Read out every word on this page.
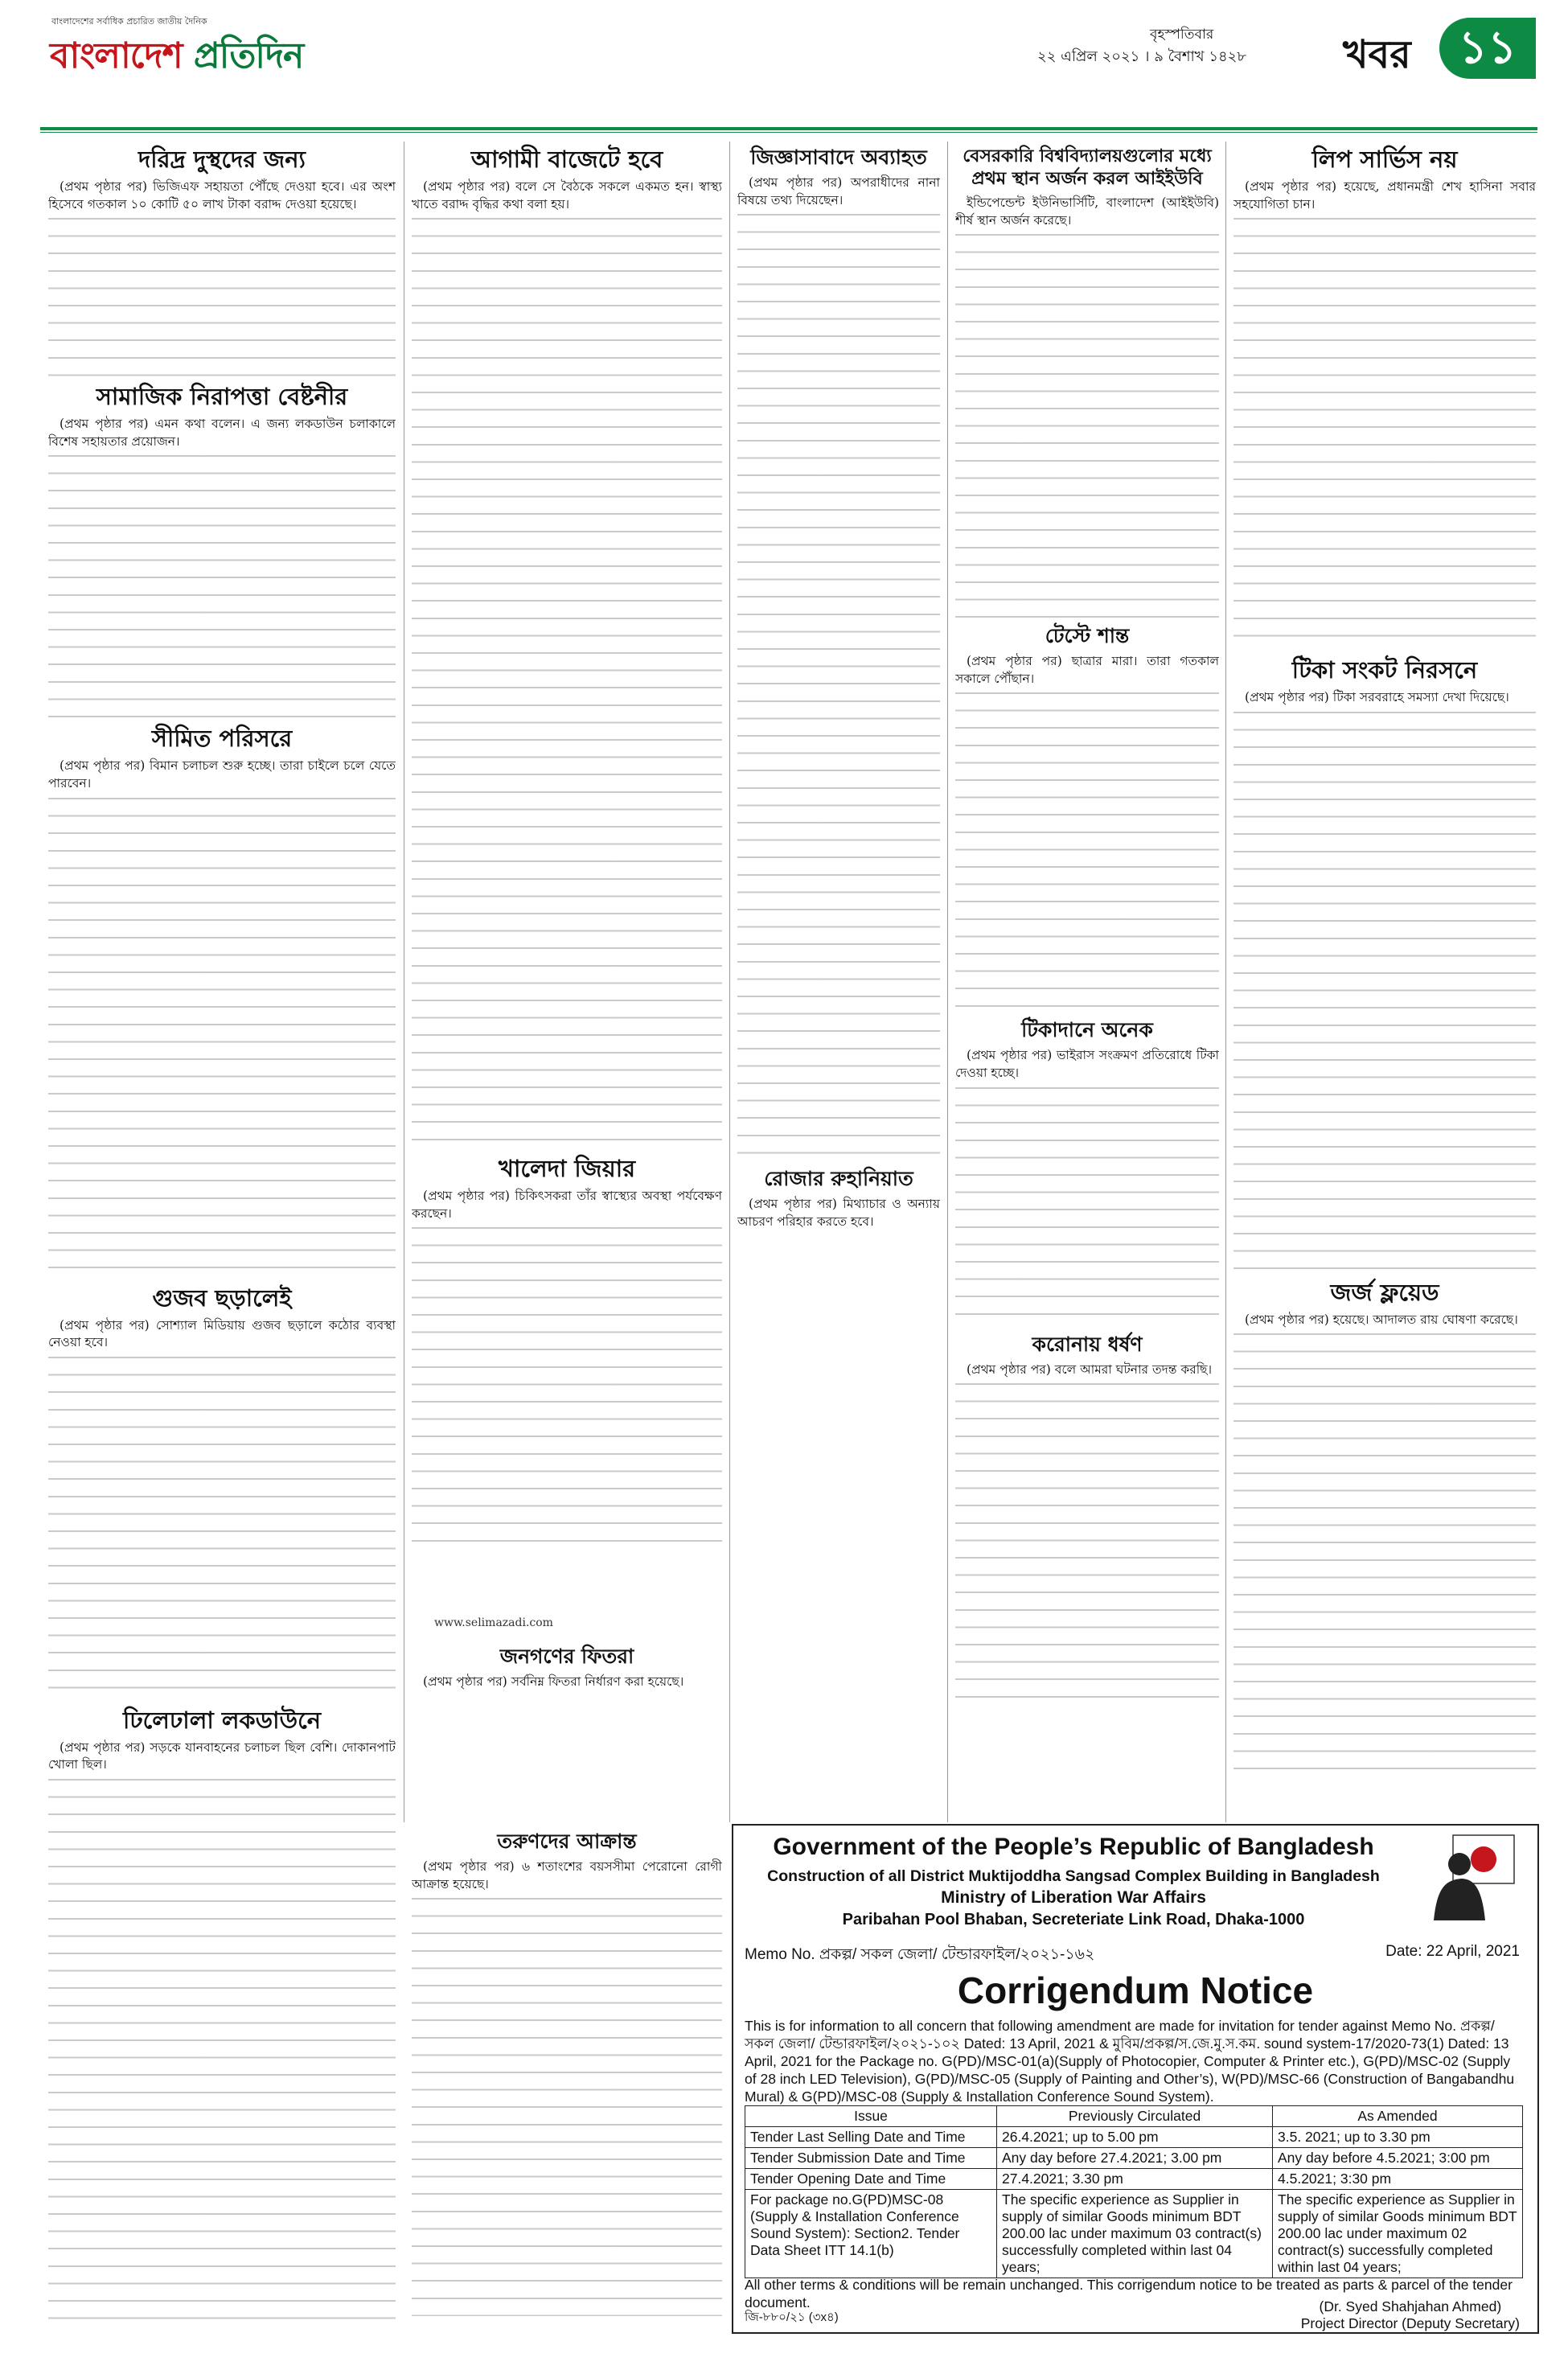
বাংলাদেশের সর্বাধিক প্রচারিত জাতীয় দৈনিক
বাংলাদেশ প্রতিদিন
বৃহস্পতিবার
২২ এপ্রিল ২০২১ । ৯ বৈশাখ ১৪২৮ খবর	১১
দরিদ্র দুস্থদের জন্য

(প্রথম পৃষ্ঠার পর) ভিজিএফ সহায়তা পৌঁছে দেওয়া হবে। এর অংশ হিসেবে গতকাল ১০ কোটি ৫০ লাখ টাকা বরাদ্দ দেওয়া হয়েছে।

সামাজিক নিরাপত্তা বেষ্টনীর

(প্রথম পৃষ্ঠার পর) এমন কথা বলেন। এ জন্য লকডাউন চলাকালে বিশেষ সহায়তার প্রয়োজন।

সীমিত পরিসরে

(প্রথম পৃষ্ঠার পর) বিমান চলাচল শুরু হচ্ছে। তারা চাইলে চলে যেতে পারবেন।

গুজব ছড়ালেই

(প্রথম পৃষ্ঠার পর) সোশ্যাল মিডিয়ায় গুজব ছড়ালে কঠোর ব্যবস্থা নেওয়া হবে।

ঢিলেঢালা লকডাউনে

(প্রথম পৃষ্ঠার পর) সড়কে যানবাহনের চলাচল ছিল বেশি। দোকানপাট খোলা ছিল।

আগামী বাজেটে হবে

(প্রথম পৃষ্ঠার পর) বলে সে বৈঠকে সকলে একমত হন। স্বাস্থ্য খাতে বরাদ্দ বৃদ্ধির কথা বলা হয়।

খালেদা জিয়ার

(প্রথম পৃষ্ঠার পর) চিকিৎসকরা তাঁর স্বাস্থ্যের অবস্থা পর্যবেক্ষণ করছেন।

www.selimazadi.com
জিজ্ঞাসাবাদে অব্যাহত

(প্রথম পৃষ্ঠার পর) অপরাধীদের নানা বিষয়ে তথ্য দিয়েছেন।

রোজার রুহানিয়াত

(প্রথম পৃষ্ঠার পর) মিথ্যাচার ও অন্যায় আচরণ পরিহার করতে হবে।

জনগণের ফিতরা

(প্রথম পৃষ্ঠার পর) সর্বনিম্ন ফিতরা নির্ধারণ করা হয়েছে।

তরুণদের আক্রান্ত

(প্রথম পৃষ্ঠার পর) ৬ শতাংশের বয়সসীমা পেরোনো রোগী আক্রান্ত হয়েছে।

বেসরকারি বিশ্ববিদ্যালয়গুলোর মধ্যে প্রথম স্থান অর্জন করল আইইউবি

ইন্ডিপেন্ডেন্ট ইউনিভার্সিটি, বাংলাদেশ (আইইউবি) শীর্ষ স্থান অর্জন করেছে।

টেস্টে শান্ত

(প্রথম পৃষ্ঠার পর) ছাত্রার মারা। তারা গতকাল সকালে পৌঁছান।

টিকাদানে অনেক

(প্রথম পৃষ্ঠার পর) ভাইরাস সংক্রমণ প্রতিরোধে টিকা দেওয়া হচ্ছে।

করোনায় ধর্ষণ

(প্রথম পৃষ্ঠার পর) বলে আমরা ঘটনার তদন্ত করছি।

লিপ সার্ভিস নয়

(প্রথম পৃষ্ঠার পর) হয়েছে, প্রধানমন্ত্রী শেখ হাসিনা সবার সহযোগিতা চান।

টিকা সংকট নিরসনে

(প্রথম পৃষ্ঠার পর) টিকা সরবরাহে সমস্যা দেখা দিয়েছে।

জর্জ ফ্লয়েড

(প্রথম পৃষ্ঠার পর) হয়েছে। আদালত রায় ঘোষণা করেছে।

Government of the People’s Republic of Bangladesh
Construction of all District Muktijoddha Sangsad Complex Building in Bangladesh
Ministry of Liberation War Affairs
Paribahan Pool Bhaban, Secreteriate Link Road, Dhaka-1000
Memo No. প্রকল্প/ সকল জেলা/ টেন্ডারফাইল/২০২১-১৬২	Date: 22 April, 2021
Corrigendum Notice
This is for information to all concern that following amendment are made for invitation for tender against Memo No. প্রকল্প/ সকল জেলা/ টেন্ডারফাইল/২০২১-১০২ Dated: 13 April, 2021 & মুবিম/প্রকল্প/স.জে.মু.স.কম. sound system-17/2020-73(1) Dated: 13 April, 2021 for the Package no. G(PD)/MSC-01(a)(Supply of Photocopier, Computer & Printer etc.), G(PD)/MSC-02 (Supply of 28 inch LED Television), G(PD)/MSC-05 (Supply of Painting and Other’s), W(PD)/MSC-66 (Construction of Bangabandhu Mural) & G(PD)/MSC-08 (Supply & Installation Conference Sound System).
Issue	Previously Circulated	As Amended
Tender Last Selling Date and Time	26.4.2021; up to 5.00 pm	3.5. 2021; up to 3.30 pm
Tender Submission Date and Time	Any day before 27.4.2021; 3.00 pm	Any day before 4.5.2021; 3:00 pm
Tender Opening Date and Time	27.4.2021; 3.30 pm	4.5.2021; 3:30 pm
For package no.G(PD)MSC-08 (Supply & Installation Conference Sound System): Section2. Tender Data Sheet ITT 14.1(b)	The specific experience as Supplier in supply of similar Goods minimum BDT 200.00 lac under maximum 03 contract(s) successfully completed within last 04 years;	The specific experience as Supplier in supply of similar Goods minimum BDT 200.00 lac under maximum 02 contract(s) successfully completed within last 04 years;
All other terms & conditions will be remain unchanged. This corrigendum notice to be treated as parts & parcel of the tender document.
জি-৮৮০/২১ (৩x৪)
(Dr. Syed Shahjahan Ahmed)
Project Director (Deputy Secretary)
